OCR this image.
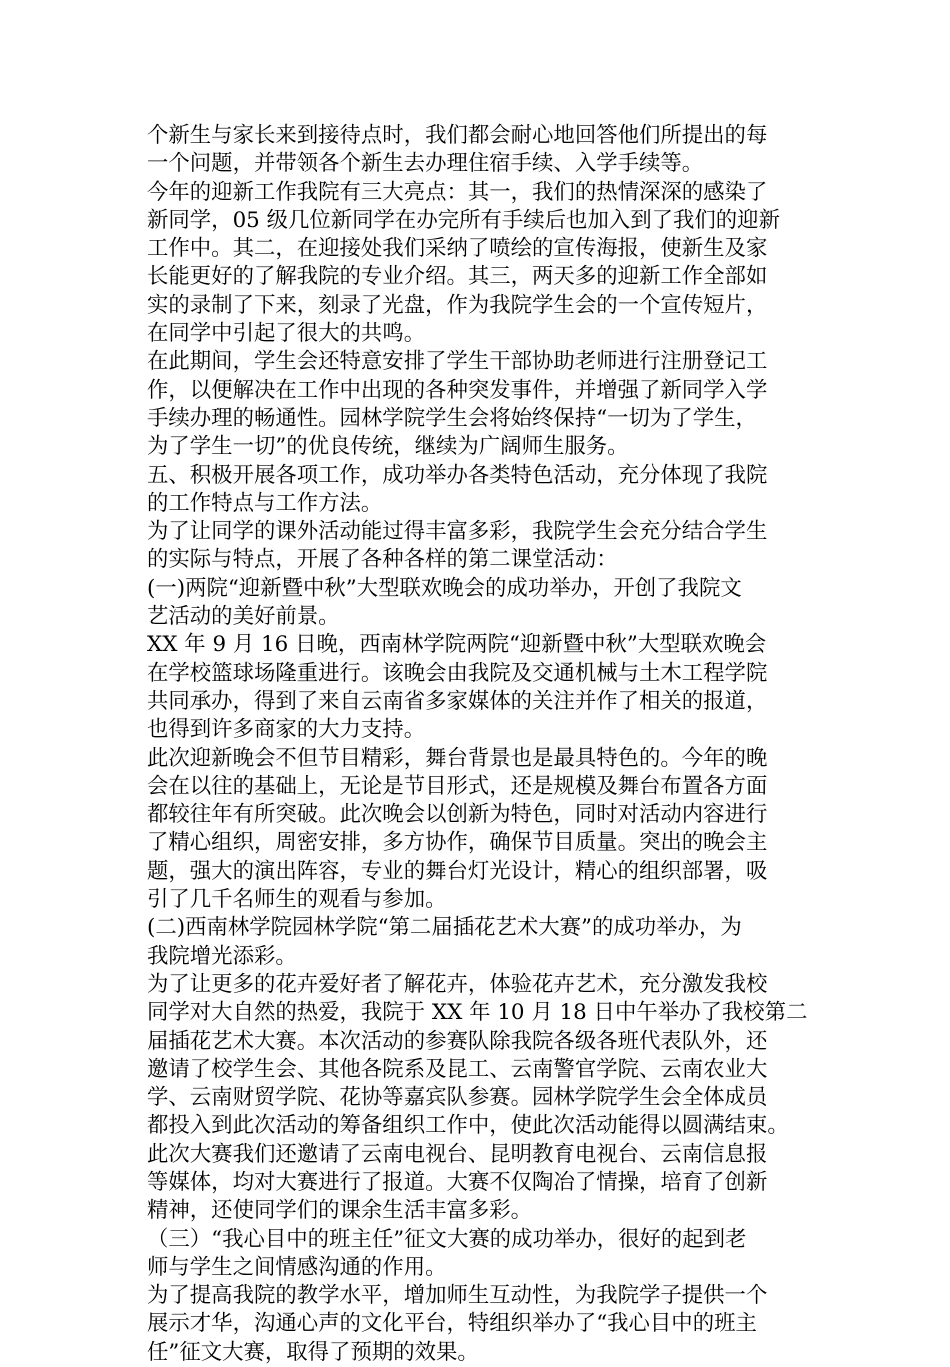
个新生与家长来到接待点时，我们都会耐心地回答他们所提出的每
一个问题，并带领各个新生去办理住宿手续、入学手续等。
今年的迎新工作我院有三大亮点：其一，我们的热情深深的感染了
新同学，05 级几位新同学在办完所有手续后也加入到了我们的迎新
工作中。其二，在迎接处我们采纳了喷绘的宣传海报，使新生及家
长能更好的了解我院的专业介绍。其三，两天多的迎新工作全部如
实的录制了下来，刻录了光盘，作为我院学生会的一个宣传短片，
在同学中引起了很大的共鸣。
在此期间，学生会还特意安排了学生干部协助老师进行注册登记工
作，以便解决在工作中出现的各种突发事件，并增强了新同学入学
手续办理的畅通性。园林学院学生会将始终保持“一切为了学生，
为了学生一切”的优良传统，继续为广阔师生服务。
五、积极开展各项工作，成功举办各类特色活动，充分体现了我院
的工作特点与工作方法。
为了让同学的课外活动能过得丰富多彩，我院学生会充分结合学生
的实际与特点，开展了各种各样的第二课堂活动：
(一)两院“迎新暨中秋”大型联欢晚会的成功举办，开创了我院文
艺活动的美好前景。
XX 年 9 月 16 日晚，西南林学院两院“迎新暨中秋”大型联欢晚会
在学校篮球场隆重进行。该晚会由我院及交通机械与土木工程学院
共同承办，得到了来自云南省多家媒体的关注并作了相关的报道，
也得到许多商家的大力支持。
此次迎新晚会不但节目精彩，舞台背景也是最具特色的。今年的晚
会在以往的基础上，无论是节目形式，还是规模及舞台布置各方面
都较往年有所突破。此次晚会以创新为特色，同时对活动内容进行
了精心组织，周密安排，多方协作，确保节目质量。突出的晚会主
题，强大的演出阵容，专业的舞台灯光设计，精心的组织部署，吸
引了几千名师生的观看与参加。
(二)西南林学院园林学院“第二届插花艺术大赛”的成功举办，为
我院增光添彩。
为了让更多的花卉爱好者了解花卉，体验花卉艺术，充分激发我校
同学对大自然的热爱，我院于 XX 年 10 月 18 日中午举办了我校第二
届插花艺术大赛。本次活动的参赛队除我院各级各班代表队外，还
邀请了校学生会、其他各院系及昆工、云南警官学院、云南农业大
学、云南财贸学院、花协等嘉宾队参赛。园林学院学生会全体成员
都投入到此次活动的筹备组织工作中，使此次活动能得以圆满结束。
此次大赛我们还邀请了云南电视台、昆明教育电视台、云南信息报
等媒体，均对大赛进行了报道。大赛不仅陶冶了情操，培育了创新
精神，还使同学们的课余生活丰富多彩。
（三）“我心目中的班主任”征文大赛的成功举办，很好的起到老
师与学生之间情感沟通的作用。
为了提高我院的教学水平，增加师生互动性，为我院学子提供一个
展示才华，沟通心声的文化平台，特组织举办了“我心目中的班主
任”征文大赛，取得了预期的效果。
